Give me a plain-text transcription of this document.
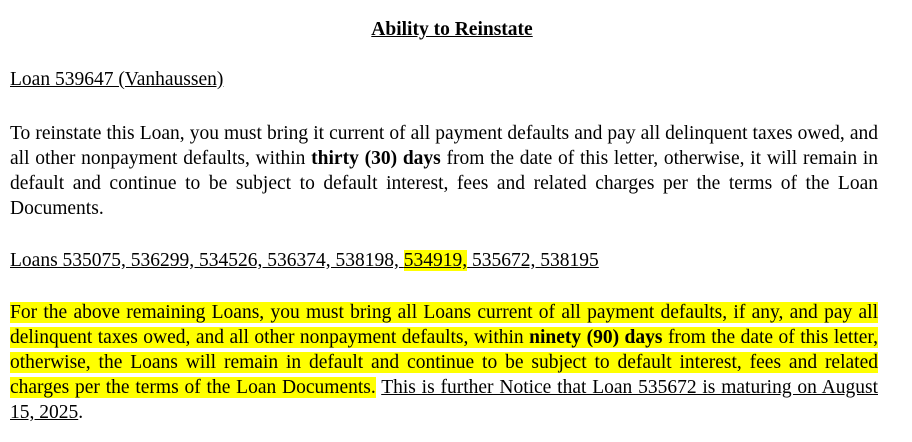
Ability to Reinstate
Loan 539647 (Vanhaussen)
To reinstate this Loan, you must bring it current of all payment defaults and pay all delinquent taxes owed, and all other nonpayment defaults, within thirty (30) days from the date of this letter, otherwise, it will remain in default and continue to be subject to default interest, fees and related charges per the terms of the Loan Documents.
Loans 535075, 536299, 534526, 536374, 538198, 534919, 535672, 538195
For the above remaining Loans, you must bring all Loans current of all payment defaults, if any, and pay all delinquent taxes owed, and all other nonpayment defaults, within ninety (90) days from the date of this letter, otherwise, the Loans will remain in default and continue to be subject to default interest, fees and related charges per the terms of the Loan Documents. This is further Notice that Loan 535672 is maturing on August 15, 2025.
